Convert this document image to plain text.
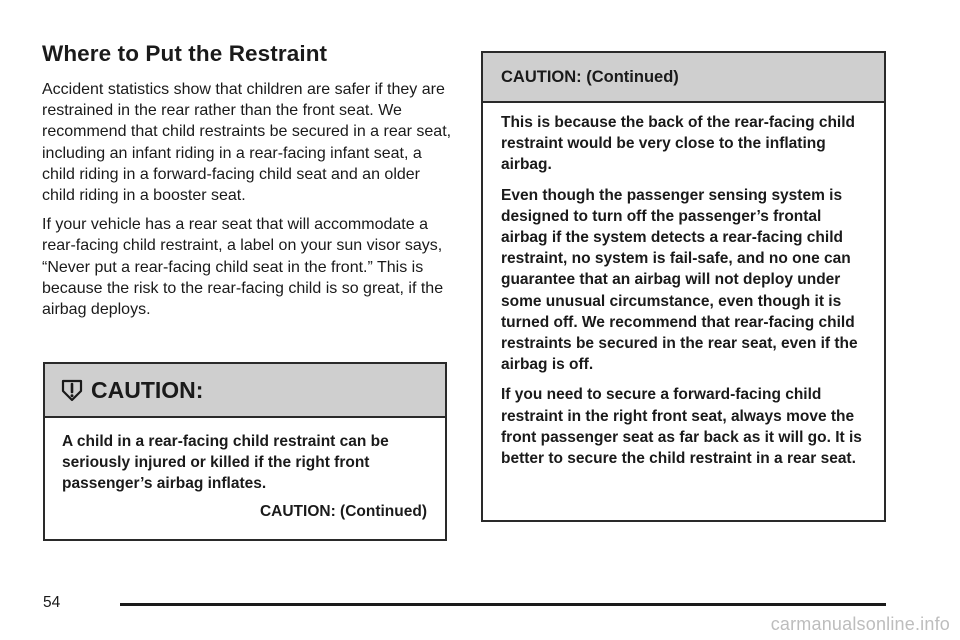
Where to Put the Restraint

Accident statistics show that children are safer if they are restrained in the rear rather than the front seat. We recommend that child restraints be secured in a rear seat, including an infant riding in a rear-facing infant seat, a child riding in a forward-facing child seat and an older child riding in a booster seat.

If your vehicle has a rear seat that will accommodate a rear-facing child restraint, a label on your sun visor says, “Never put a rear-facing child seat in the front.” This is because the risk to the rear-facing child is so great, if the airbag deploys.

CAUTION:

A child in a rear-facing child restraint can be seriously injured or killed if the right front passenger’s airbag inflates.

CAUTION: (Continued)
CAUTION: (Continued)

This is because the back of the rear-facing child restraint would be very close to the inflating airbag.

Even though the passenger sensing system is designed to turn off the passenger’s frontal airbag if the system detects a rear-facing child restraint, no system is fail-safe, and no one can guarantee that an airbag will not deploy under some unusual circumstance, even though it is turned off. We recommend that rear-facing child restraints be secured in the rear seat, even if the airbag is off.

If you need to secure a forward-facing child restraint in the right front seat, always move the front passenger seat as far back as it will go. It is better to secure the child restraint in a rear seat.

54
carmanualsonline.info
